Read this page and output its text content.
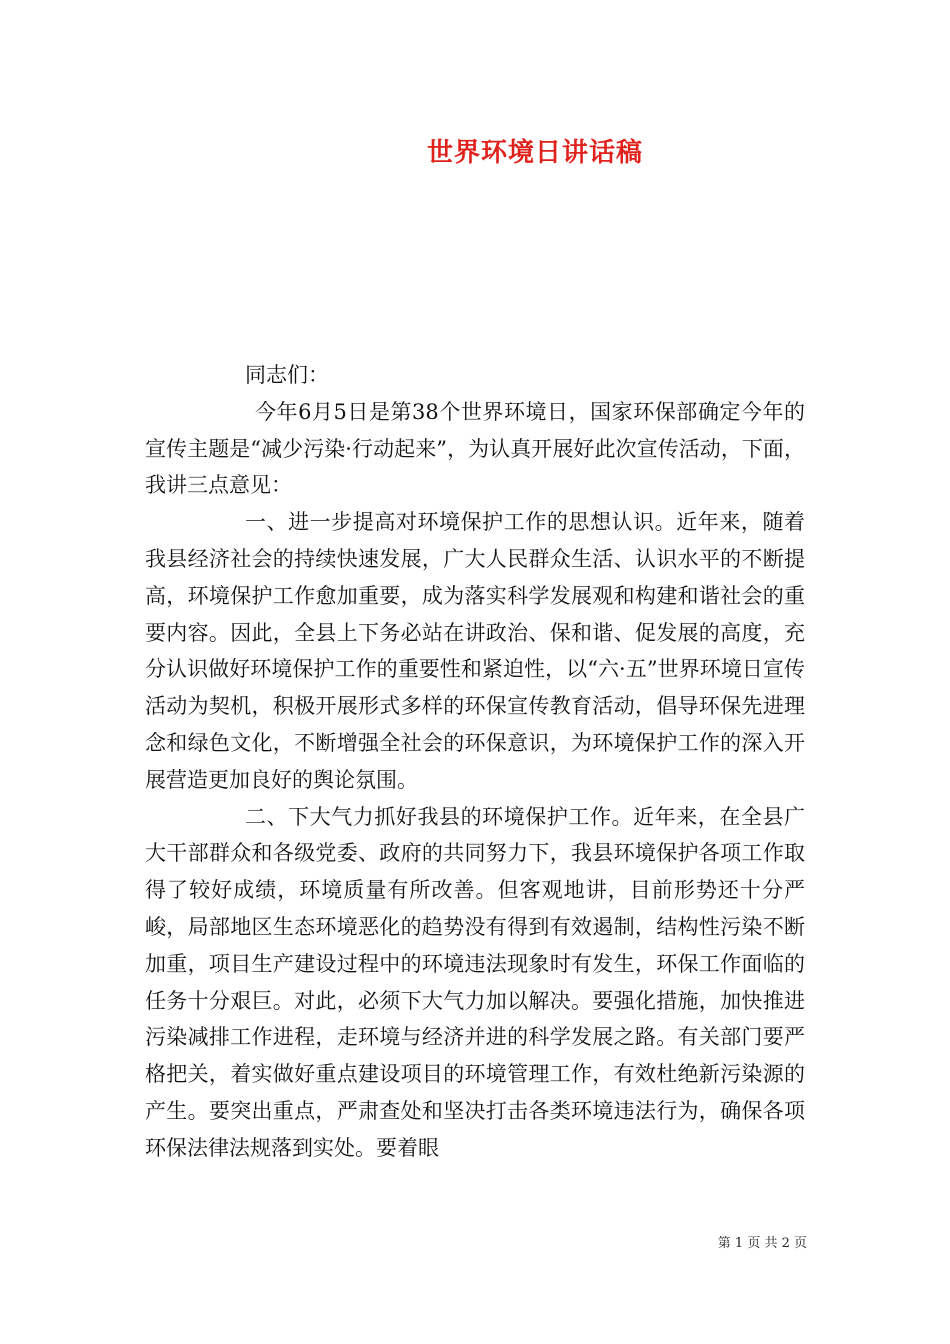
世界环境日讲话稿

同志们：

今年6月5日是第38个世界环境日，国家环保部确定今年的宣传主题是“减少污染·行动起来”，为认真开展好此次宣传活动，下面，我讲三点意见：

一、进一步提高对环境保护工作的思想认识。近年来，随着我县经济社会的持续快速发展，广大人民群众生活、认识水平的不断提高，环境保护工作愈加重要，成为落实科学发展观和构建和谐社会的重要内容。因此，全县上下务必站在讲政治、保和谐、促发展的高度，充分认识做好环境保护工作的重要性和紧迫性，以“六·五”世界环境日宣传活动为契机，积极开展形式多样的环保宣传教育活动，倡导环保先进理念和绿色文化，不断增强全社会的环保意识，为环境保护工作的深入开展营造更加良好的舆论氛围。

二、下大气力抓好我县的环境保护工作。近年来，在全县广大干部群众和各级党委、政府的共同努力下，我县环境保护各项工作取得了较好成绩，环境质量有所改善。但客观地讲，目前形势还十分严峻，局部地区生态环境恶化的趋势没有得到有效遏制，结构性污染不断加重，项目生产建设过程中的环境违法现象时有发生，环保工作面临的任务十分艰巨。对此，必须下大气力加以解决。要强化措施，加快推进污染减排工作进程，走环境与经济并进的科学发展之路。有关部门要严格把关，着实做好重点建设项目的环境管理工作，有效杜绝新污染源的产生。要突出重点，严肃查处和坚决打击各类环境违法行为，确保各项环保法律法规落到实处。要着眼

第 1 页 共 2 页
